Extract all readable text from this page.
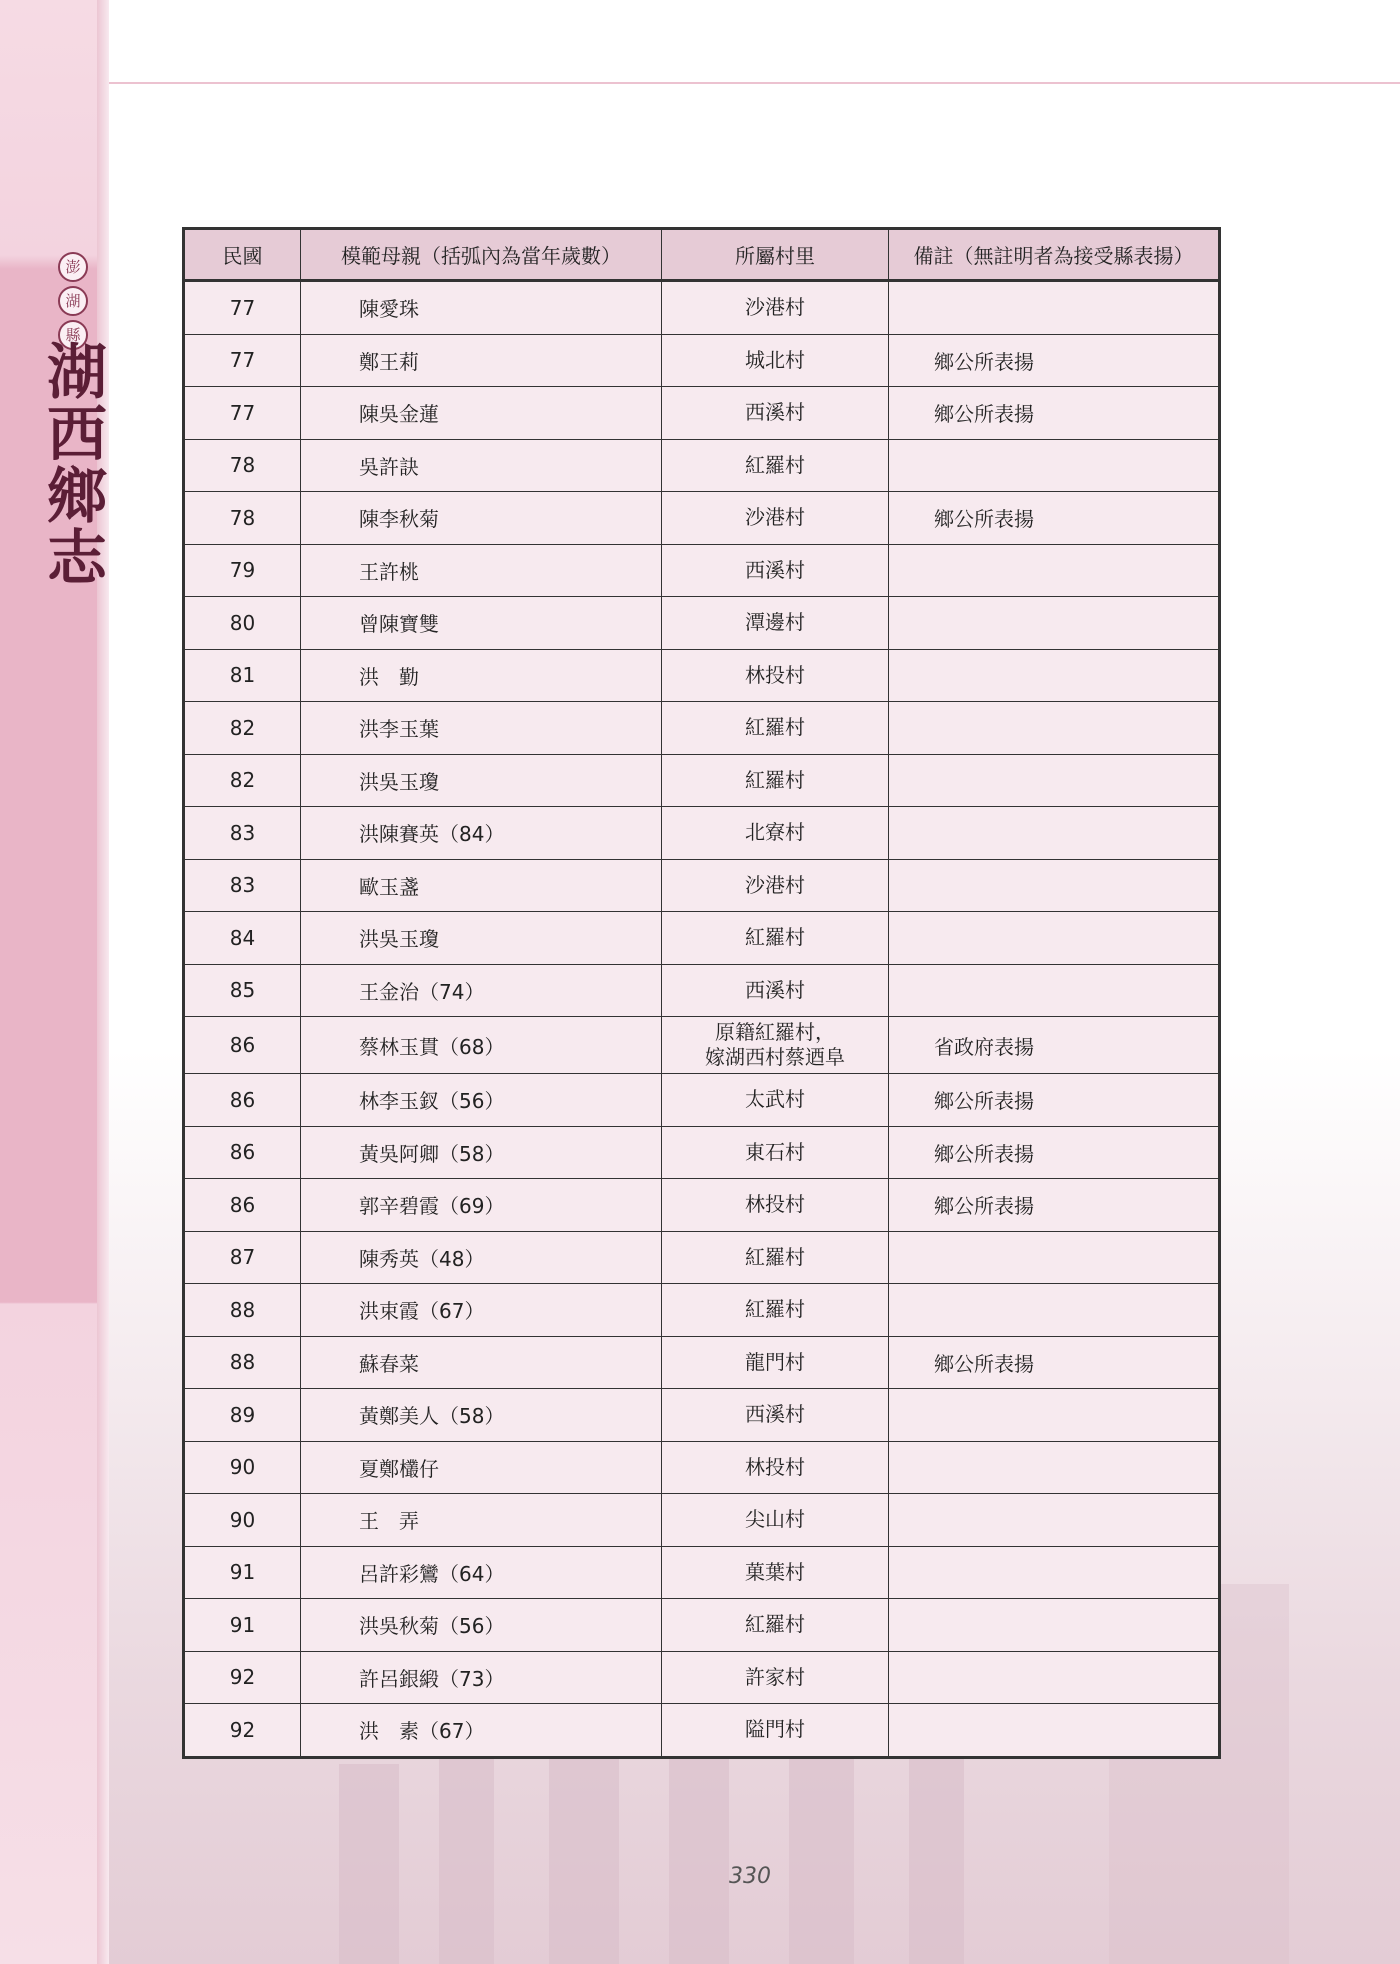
澎
湖
縣
湖西鄉志
民國	模範母親（括弧內為當年歲數）	所屬村里	備註（無註明者為接受縣表揚）
77	陳愛珠	沙港村	
77	鄭王莉	城北村	鄉公所表揚
77	陳吳金蓮	西溪村	鄉公所表揚
78	吳許訣	紅羅村	
78	陳李秋菊	沙港村	鄉公所表揚
79	王許桃	西溪村	
80	曾陳寶雙	潭邊村	
81	洪　勤	林投村	
82	洪李玉葉	紅羅村	
82	洪吳玉瓊	紅羅村	
83	洪陳賽英（84）	北寮村	
83	歐玉盞	沙港村	
84	洪吳玉瓊	紅羅村	
85	王金治（74）	西溪村	
86	蔡林玉貫（68）	原籍紅羅村，
嫁湖西村蔡迺阜	省政府表揚
86	林李玉釵（56）	太武村	鄉公所表揚
86	黃吳阿卿（58）	東石村	鄉公所表揚
86	郭辛碧霞（69）	林投村	鄉公所表揚
87	陳秀英（48）	紅羅村	
88	洪束霞（67）	紅羅村	
88	蘇春菜	龍門村	鄉公所表揚
89	黃鄭美人（58）	西溪村	
90	夏鄭欉仔	林投村	
90	王　弄	尖山村	
91	呂許彩鸞（64）	菓葉村	
91	洪吳秋菊（56）	紅羅村	
92	許呂銀緞（73）	許家村	
92	洪　素（67）	隘門村	
330
